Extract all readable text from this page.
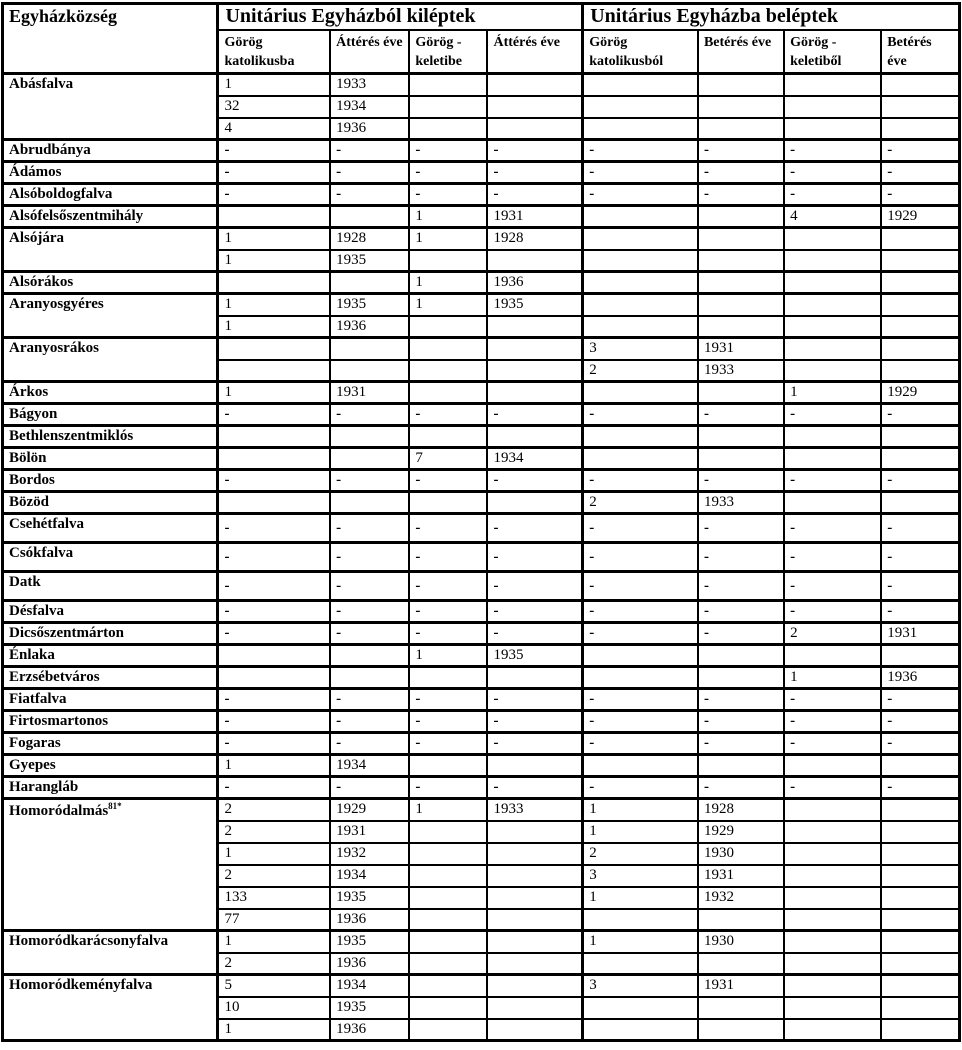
Egyházközség	Unitárius Egyházból kiléptek				Unitárius Egyházba beléptek			
	Görög katolikusba	Áttérés éve	Görög - keletibe	Áttérés éve	Görög katolikusból	Betérés éve	Görög - keletiből	Betérés éve
Abásfalva	1	1933						
	32	1934						
	4	1936						
Abrudbánya	-	-	-	-	-	-	-	-
Ádámos	-	-	-	-	-	-	-	-
Alsóboldogfalva	-	-	-	-	-	-	-	-
Alsófelsőszentmihály			1	1931			4	1929
Alsójára	1	1928	1	1928				
	1	1935						
Alsórákos			1	1936				
Aranyosgyéres	1	1935	1	1935				
	1	1936						
Aranyosrákos					3	1931		
					2	1933		
Árkos	1	1931					1	1929
Bágyon	-	-	-	-	-	-	-	-
Bethlenszentmiklós								
Bölön			7	1934				
Bordos	-	-	-	-	-	-	-	-
Bözöd					2	1933		
Csehétfalva	-	-	-	-	-	-	-	-
Csókfalva	-	-	-	-	-	-	-	-
Datk	-	-	-	-	-	-	-	-
Désfalva	-	-	-	-	-	-	-	-
Dicsőszentmárton	-	-	-	-	-	-	2	1931
Énlaka			1	1935				
Erzsébetváros							1	1936
Fiatfalva	-	-	-	-	-	-	-	-
Firtosmartonos	-	-	-	-	-	-	-	-
Fogaras	-	-	-	-	-	-	-	-
Gyepes	1	1934						
Harangláb	-	-	-	-	-	-	-	-
Homoródalmás$^{81*}$	2	1929	1	1933	1	1928		
	2	1931			1	1929		
	1	1932			2	1930		
	2	1934			3	1931		
	133	1935			1	1932		
	77	1936						
Homoródkarácsonyfalva	1	1935			1	1930		
	2	1936						
Homoródkeményfalva	5	1934			3	1931		
	10	1935						
	1	1936						
